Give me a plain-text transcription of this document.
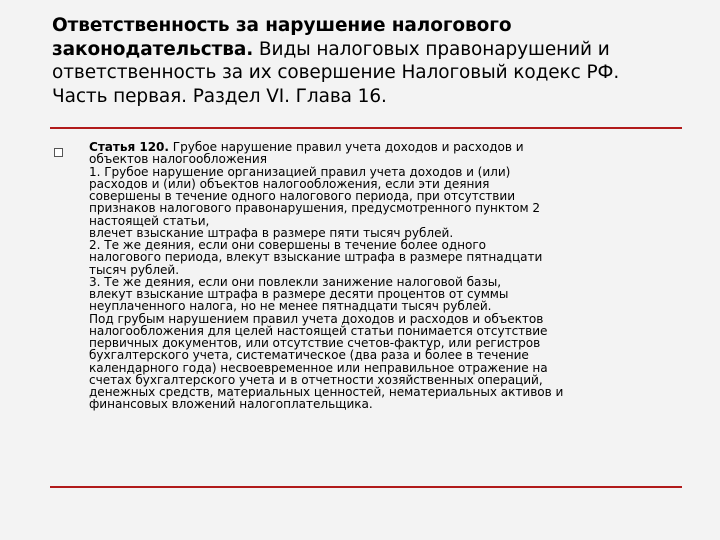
Ответственность за нарушение налогового
законодательства. Виды налоговых правонарушений и
ответственность за их совершение Налоговый кодекс РФ.
Часть первая. Раздел VI. Глава 16.
Статья 120. Грубое нарушение правил учета доходов и расходов и
объектов налогообложения
1. Грубое нарушение организацией правил учета доходов и (или)
расходов и (или) объектов налогообложения, если эти деяния
совершены в течение одного налогового периода, при отсутствии
признаков налогового правонарушения, предусмотренного пунктом 2
настоящей статьи,
влечет взыскание штрафа в размере пяти тысяч рублей.
2. Те же деяния, если они совершены в течение более одного
налогового периода, влекут взыскание штрафа в размере пятнадцати
тысяч рублей.
3. Те же деяния, если они повлекли занижение налоговой базы,
влекут взыскание штрафа в размере десяти процентов от суммы
неуплаченного налога, но не менее пятнадцати тысяч рублей.
Под грубым нарушением правил учета доходов и расходов и объектов
налогообложения для целей настоящей статьи понимается отсутствие
первичных документов, или отсутствие счетов-фактур, или регистров
бухгалтерского учета, систематическое (два раза и более в течение
календарного года) несвоевременное или неправильное отражение на
счетах бухгалтерского учета и в отчетности хозяйственных операций,
денежных средств, материальных ценностей, нематериальных активов и
финансовых вложений налогоплательщика.
